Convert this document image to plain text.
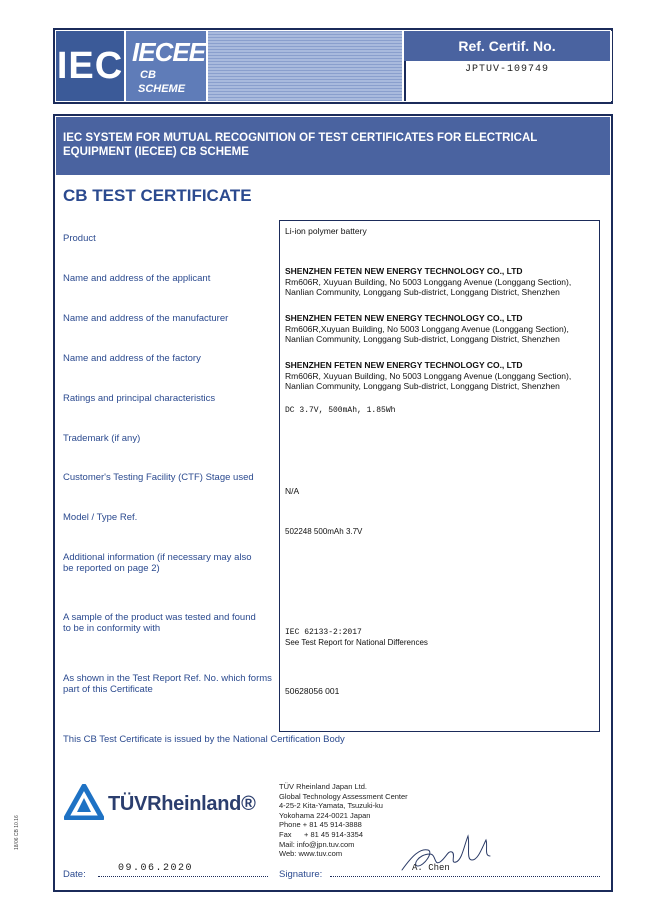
IEC IECEE
CB
SCHEME
Ref. Certif. No.
JPTUV-109749
IEC SYSTEM FOR MUTUAL RECOGNITION OF TEST CERTIFICATES FOR ELECTRICAL EQUIPMENT (IECEE) CB SCHEME
CB TEST CERTIFICATE
Product
Name and address of the applicant
Name and address of the manufacturer
Name and address of the factory
Ratings and principal characteristics
Trademark (if any)
Customer's Testing Facility (CTF) Stage used
Model / Type Ref.
Additional information (if necessary may also be reported on page 2)
A sample of the product was tested and found to be in conformity with
As shown in the Test Report Ref. No. which forms part of this Certificate
Li-ion polymer battery
SHENZHEN FETEN NEW ENERGY TECHNOLOGY CO., LTD
Rm606R, Xuyuan Building, No 5003 Longgang Avenue (Longgang Section), Nanlian Community, Longgang Sub-district, Longgang District, Shenzhen
SHENZHEN FETEN NEW ENERGY TECHNOLOGY CO., LTD
Rm606R,Xuyuan Building, No 5003 Longgang Avenue (Longgang Section), Nanlian Community, Longgang Sub-district, Longgang District, Shenzhen
SHENZHEN FETEN NEW ENERGY TECHNOLOGY CO., LTD
Rm606R, Xuyuan Building, No 5003 Longgang Avenue (Longgang Section), Nanlian Community, Longgang Sub-district, Longgang District, Shenzhen
DC 3.7V, 500mAh, 1.85Wh
N/A
502248 500mAh 3.7V
IEC 62133-2:2017
See Test Report for National Differences
50628056 001
This CB Test Certificate is issued by the National Certification Body
TÜVRheinland®
TÜV Rheinland Japan Ltd.
Global Technology Assessment Center
4-25-2 Kita-Yamata, Tsuzuki-ku
Yokohama 224-0021 Japan
Phone + 81 45 914-3888
Fax      + 81 45 914-3354
Mail: info@jpn.tuv.com
Web: www.tuv.com
Date:
09.06.2020
Signature:
A. Chen
18/06 CB 10.16
